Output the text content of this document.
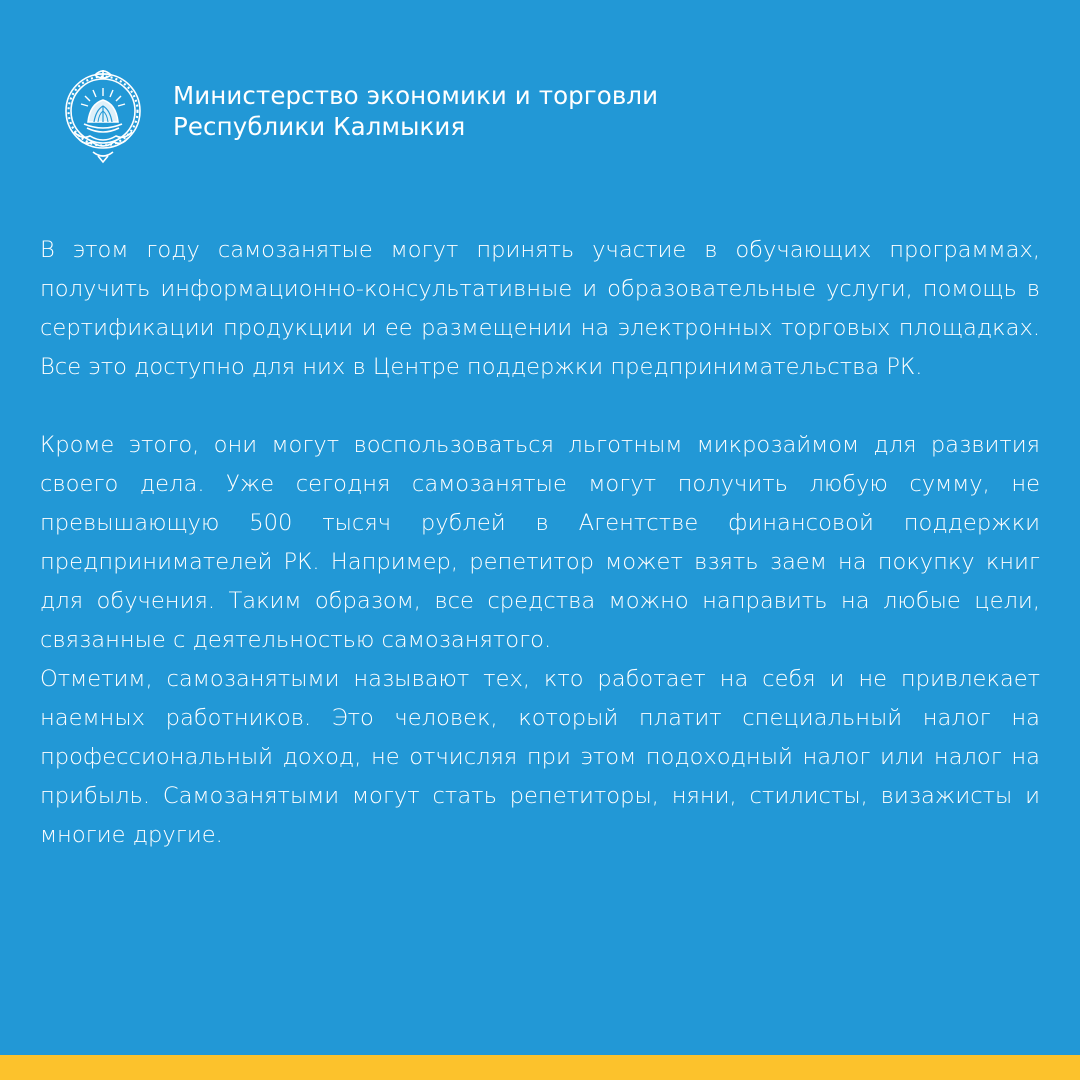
Министерство экономики и торговли
Республики Калмыкия

В этом году самозанятые могут принять участие в обучающих программах, получить информационно-консультативные и образовательные услуги, помощь в сертификации продукции и ее размещении на электронных торговых площадках. Все это доступно для них в Центре поддержки предпринимательства РК.

Кроме этого, они могут воспользоваться льготным микрозаймом для развития своего дела. Уже сегодня самозанятые могут получить любую сумму, не превышающую 500 тысяч рублей в Агентстве финансовой поддержки предпринимателей РК. Например, репетитор может взять заем на покупку книг для обучения. Таким образом, все средства можно направить на любые цели, связанные с деятельностью самозанятого.

Отметим, самозанятыми называют тех, кто работает на себя и не привлекает наемных работников. Это человек, который платит специальный налог на профессиональный доход, не отчисляя при этом подоходный налог или налог на прибыль. Самозанятыми могут стать репетиторы, няни, стилисты, визажисты и многие другие.
